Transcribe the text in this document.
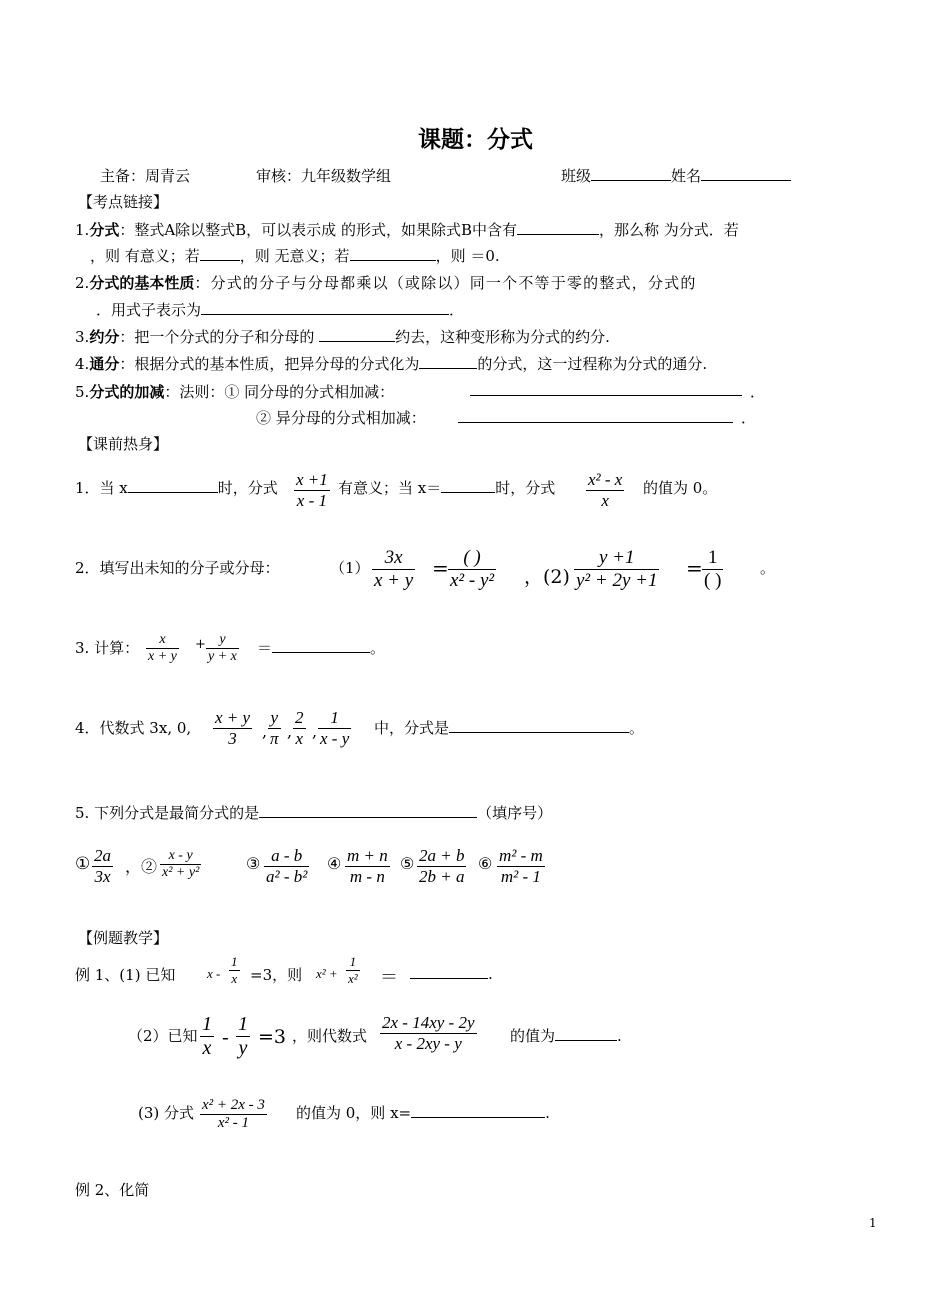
课题：分式
主备：周青云	审核：九年级数学组	班级	姓名
【考点链接】
1.分式：整式A除以整式B，可以表示成 的形式，如果除式B中含有	，那么称 为分式．若
，则 有意义；若	，则 无意义；若	，则 ＝0.
2.分式的基本性质：分式的分子与分母都乘以（或除以）同一个不等于零的整式，分式的
．用式子表示为	．
3.约分：把一个分式的分子和分母的	约去，这种变形称为分式的约分.
4.通分：根据分式的基本性质，把异分母的分式化为	的分式，这一过程称为分式的通分.
5.分式的加减：法则：① 同分母的分式相加减：	．
② 异分母的分式相加减：	．
【课前热身】
1．当 x	时，分式 x +1
x - 1
有意义；当 x＝	时，分式 x² - x
x
的值为 0。
2．填写出未知的分子或分母：	（1） 3x
x + y
= ( )
x² - y² ，(2)
y +1
y² + 2y +1
= 1
( )
。
3. 计算：	x
x + y
+ y
y + x ＝	。
4．代数式 3x, 0,
x + y
3	,
y
π ,
2
x ,
1
x - y
中，分式是	。
5. 下列分式是最简分式的是	（填序号）
① 2a
3x
，②
x - y
x² + y²	③ a - b
a² - b²
④ m + n
m - n
⑤ 2a + b
2b + a
⑥ m² - m
m² - 1
【例题教学】
例 1、(1) 已知 x -
1
x =3，则 x² +
1
x² ＝	.
（2）已知
1
x -
1
y =3 ，则代数式
2x - 14xy - 2y
x - 2xy - y	的值为	.
(3) 分式 x² + 2x - 3
x² - 1
的值为 0，则 x=	.
例 2、化简
1
